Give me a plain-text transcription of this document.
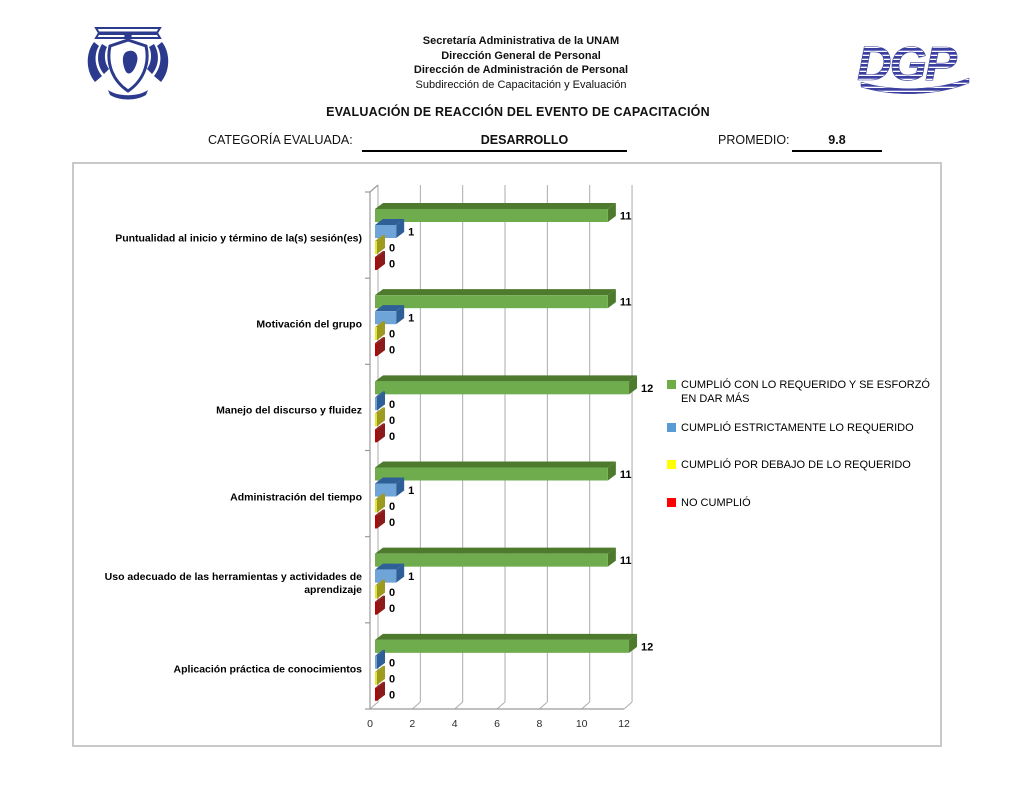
DGP
Secretaría Administrativa de la UNAM
Dirección General de Personal
Dirección de Administración de Personal
Subdirección de Capacitación y Evaluación
EVALUACIÓN DE REACCIÓN DEL EVENTO DE CAPACITACIÓN
CATEGORÍA EVALUADA:	DESARROLLO	PROMEDIO:	9.8
0	2	4	6	8	10	12
11
1
0
0
11
1
0
0
12
0
0
0
11
1
0
0
11
1
0
0
12
0
0
0
Puntualidad al inicio y término de la(s) sesión(es)
Motivación del grupo
Manejo del discurso y fluidez
Administración del tiempo
Uso adecuado de las herramientas y actividades de aprendizaje
Aplicación práctica de conocimientos
CUMPLIÓ CON LO REQUERIDO Y SE ESFORZÓ EN DAR MÁS
CUMPLIÓ ESTRICTAMENTE LO REQUERIDO
CUMPLIÓ POR DEBAJO DE LO REQUERIDO
NO CUMPLIÓ
